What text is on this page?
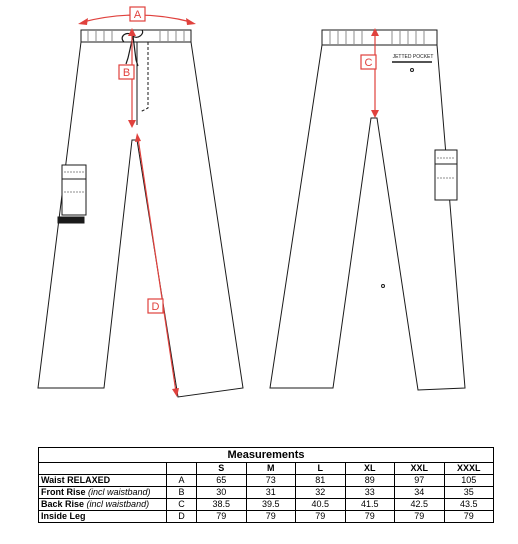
JETTED POCKET
A
B
D
C
Measurements							
		S	M	L	XL	XXL	XXXL
Waist RELAXED	A	65	73	81	89	97	105
Front Rise (incl waistband)	B	30	31	32	33	34	35
Back Rise (incl waistband)	C	38.5	39.5	40.5	41.5	42.5	43.5
Inside Leg	D	79	79	79	79	79	79
